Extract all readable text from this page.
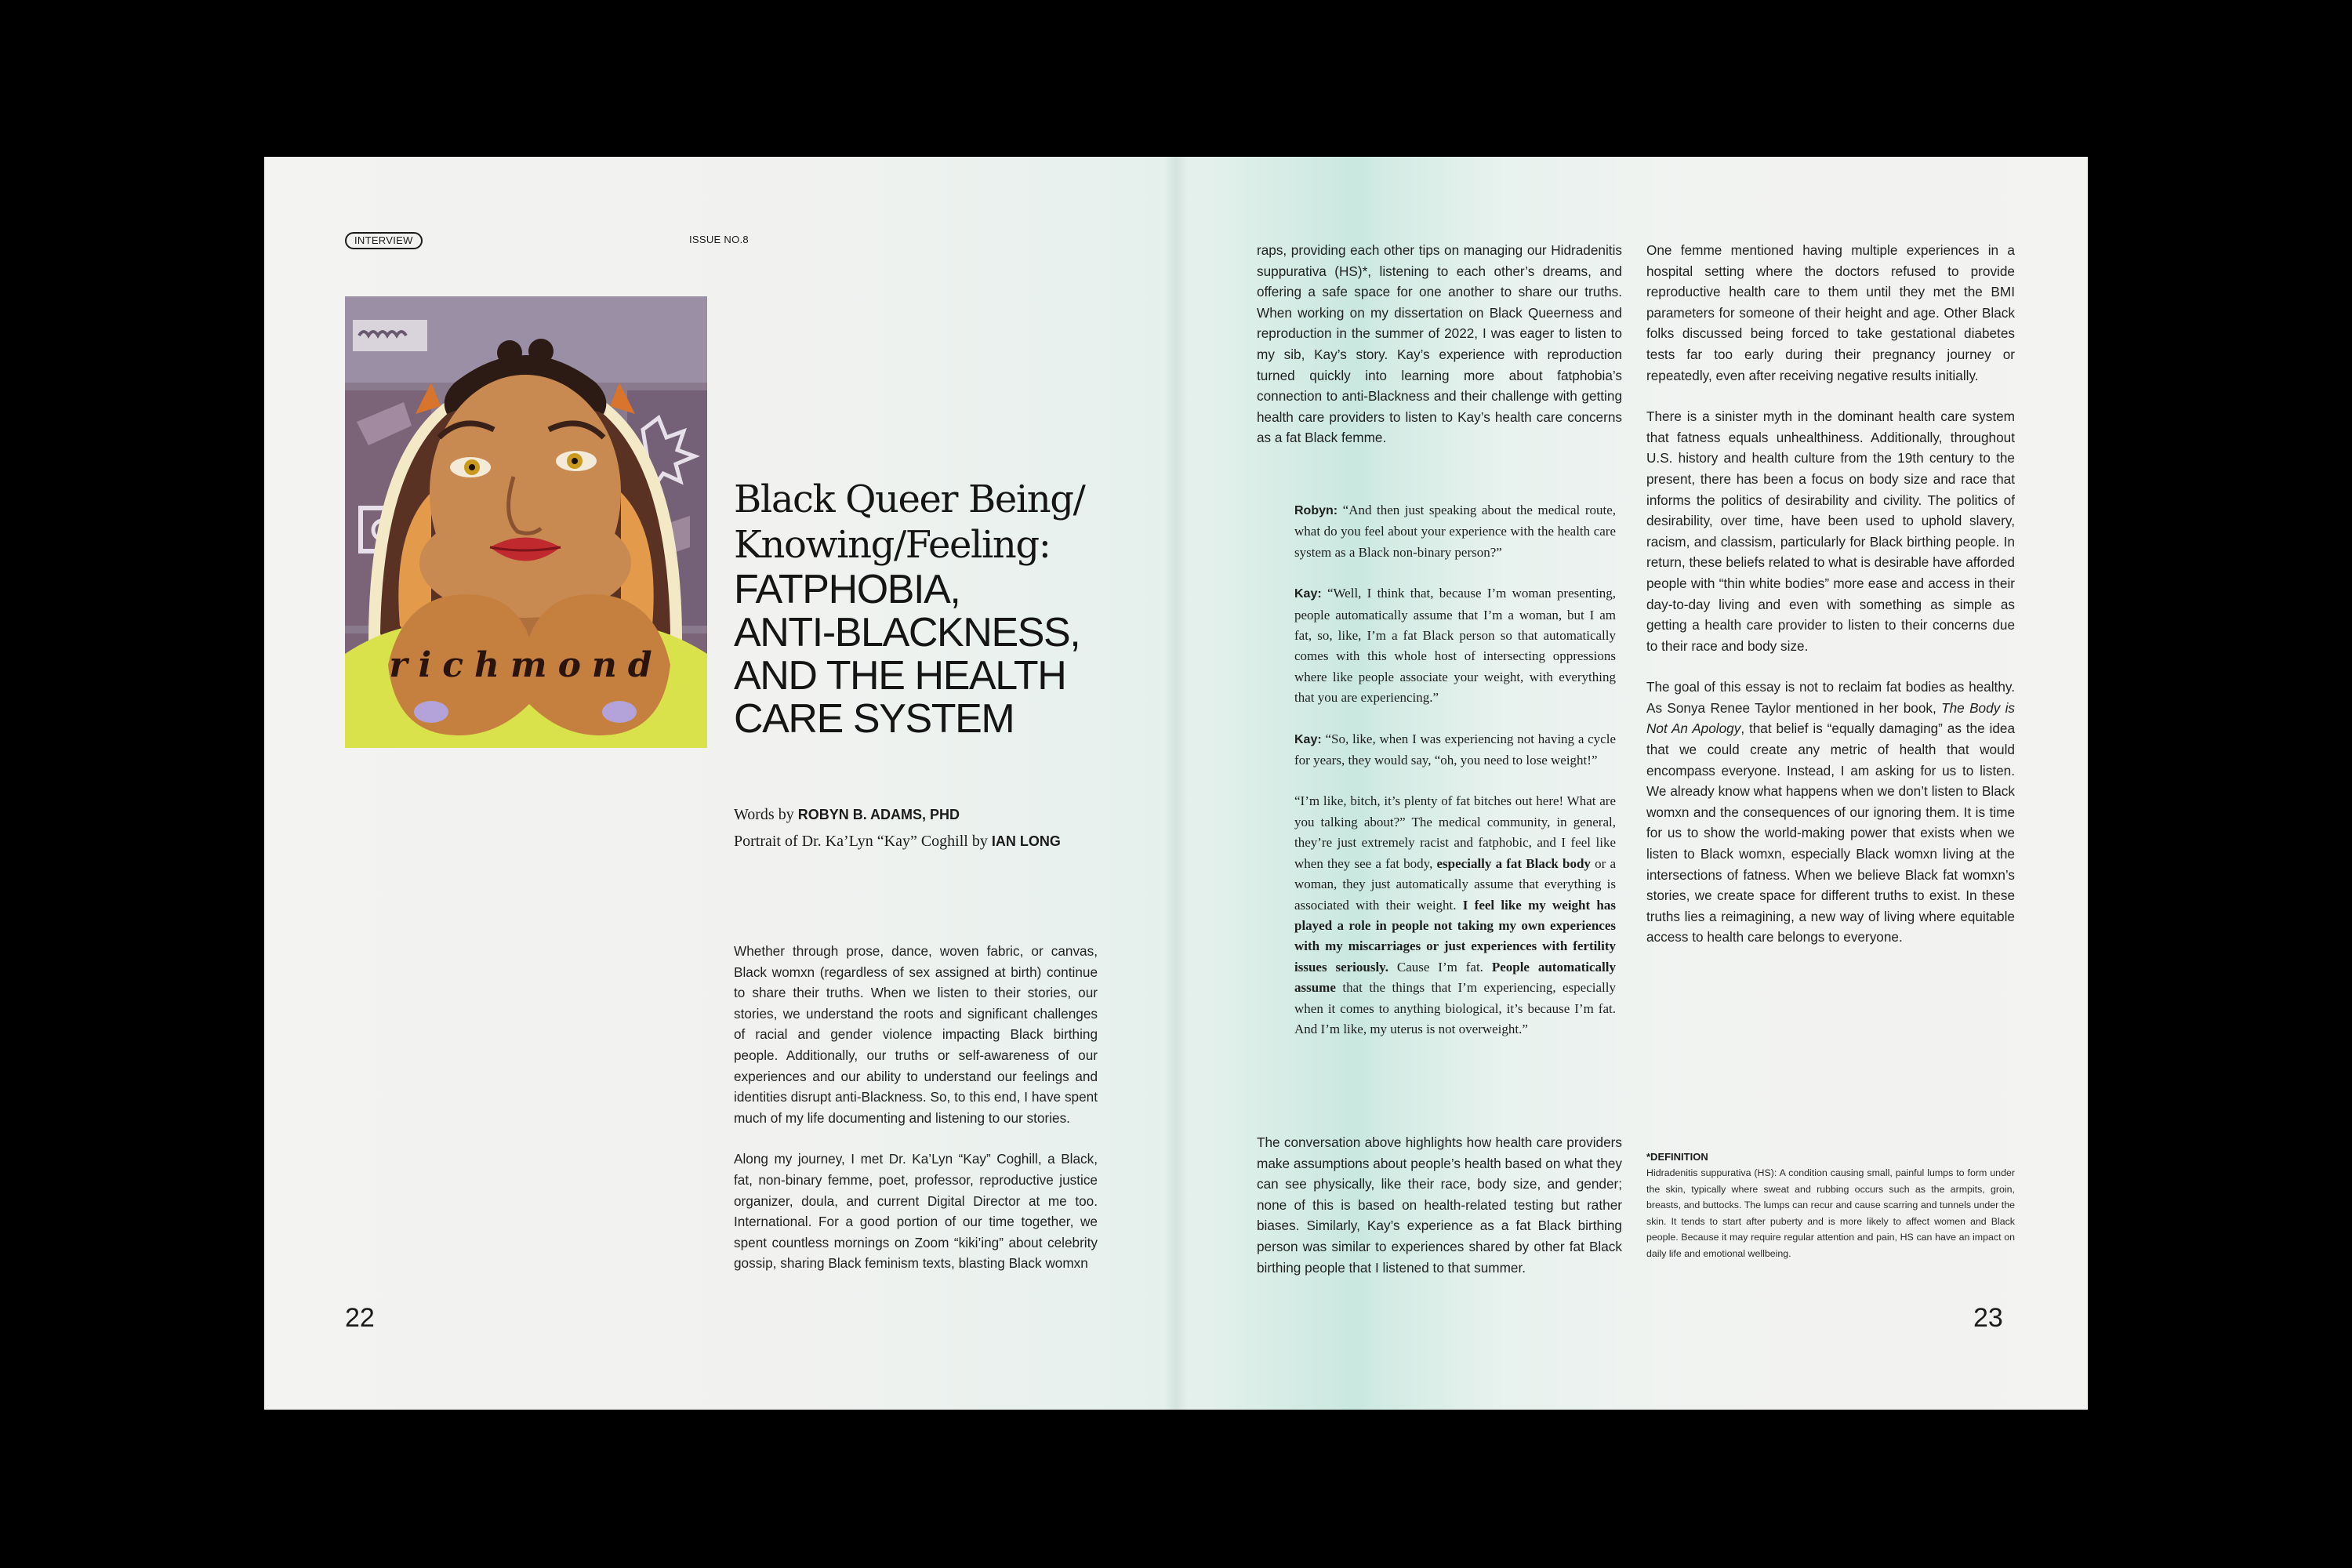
INTERVIEW	ISSUE NO.8
richmond
Black Queer Being/
Knowing/Feeling:
FATPHOBIA,
ANTI-BLACKNESS,
AND THE HEALTH
CARE SYSTEM
Words by ROBYN B. ADAMS, PHD
Portrait of Dr. Ka’Lyn “Kay” Coghill by IAN LONG

Whether through prose, dance, woven fabric, or canvas, Black womxn (regardless of sex assigned at birth) continue to share their truths. When we listen to their stories, our stories, we understand the roots and significant challenges of racial and gender violence impacting Black birthing people. Additionally, our truths or self-awareness of our experiences and our ability to understand our feelings and identities disrupt anti-Blackness. So, to this end, I have spent much of my life documenting and listening to our stories.

Along my journey, I met Dr. Ka’Lyn “Kay” Coghill, a Black, fat, non-binary femme, poet, professor, reproductive justice organizer, doula, and current Digital Director at me too. International. For a good portion of our time together, we spent countless mornings on Zoom “kiki’ing” about celebrity gossip, sharing Black feminism texts, blasting Black womxn

22

raps, providing each other tips on managing our Hidradenitis suppurativa (HS)*, listening to each other’s dreams, and offering a safe space for one another to share our truths. When working on my dissertation on Black Queerness and reproduction in the summer of 2022, I was eager to listen to my sib, Kay’s story. Kay’s experience with reproduction turned quickly into learning more about fatphobia’s connection to anti-Blackness and their challenge with getting health care providers to listen to Kay’s health care concerns as a fat Black femme.

Robyn: “And then just speaking about the medical route, what do you feel about your experience with the health care system as a Black non-binary person?”

Kay: “Well, I think that, because I’m woman presenting, people automatically assume that I’m a woman, but I am fat, so, like, I’m a fat Black person so that automatically comes with this whole host of intersecting oppressions where like people associate your weight, with everything that you are experiencing.”

Kay: “So, like, when I was experiencing not having a cycle for years, they would say, “oh, you need to lose weight!”

“I’m like, bitch, it’s plenty of fat bitches out here! What are you talking about?” The medical community, in general, they’re just extremely racist and fatphobic, and I feel like when they see a fat body, especially a fat Black body or a woman, they just automatically assume that everything is associated with their weight. I feel like my weight has played a role in people not taking my own experiences with my miscarriages or just experiences with fertility issues seriously. Cause I’m fat. People automatically assume that the things that I’m experiencing, especially when it comes to anything biological, it’s because I’m fat. And I’m like, my uterus is not overweight.”

The conversation above highlights how health care providers make assumptions about people’s health based on what they can see physically, like their race, body size, and gender; none of this is based on health-related testing but rather biases. Similarly, Kay’s experience as a fat Black birthing person was similar to experiences shared by other fat Black birthing people that I listened to that summer.

One femme mentioned having multiple experiences in a hospital setting where the doctors refused to provide reproductive health care to them until they met the BMI parameters for someone of their height and age. Other Black folks discussed being forced to take gestational diabetes tests far too early during their pregnancy journey or repeatedly, even after receiving negative results initially.

There is a sinister myth in the dominant health care system that fatness equals unhealthiness. Additionally, throughout U.S. history and health culture from the 19th century to the present, there has been a focus on body size and race that informs the politics of desirability and civility. The politics of desirability, over time, have been used to uphold slavery, racism, and classism, particularly for Black birthing people. In return, these beliefs related to what is desirable have afforded people with “thin white bodies” more ease and access in their day-to-day living and even with something as simple as getting a health care provider to listen to their concerns due to their race and body size.

The goal of this essay is not to reclaim fat bodies as healthy. As Sonya Renee Taylor mentioned in her book, The Body is Not An Apology, that belief is “equally damaging” as the idea that we could create any metric of health that would encompass everyone. Instead, I am asking for us to listen. We already know what happens when we don’t listen to Black womxn and the consequences of our ignoring them. It is time for us to show the world-making power that exists when we listen to Black womxn, especially Black womxn living at the intersections of fatness. When we believe Black fat womxn’s stories, we create space for different truths to exist. In these truths lies a reimagining, a new way of living where equitable access to health care belongs to everyone.

*DEFINITION
Hidradenitis suppurativa (HS): A condition causing small, painful lumps to form under the skin, typically where sweat and rubbing occurs such as the armpits, groin, breasts, and buttocks. The lumps can recur and cause scarring and tunnels under the skin. It tends to start after puberty and is more likely to affect women and Black people. Because it may require regular attention and pain, HS can have an impact on daily life and emotional wellbeing.
23
